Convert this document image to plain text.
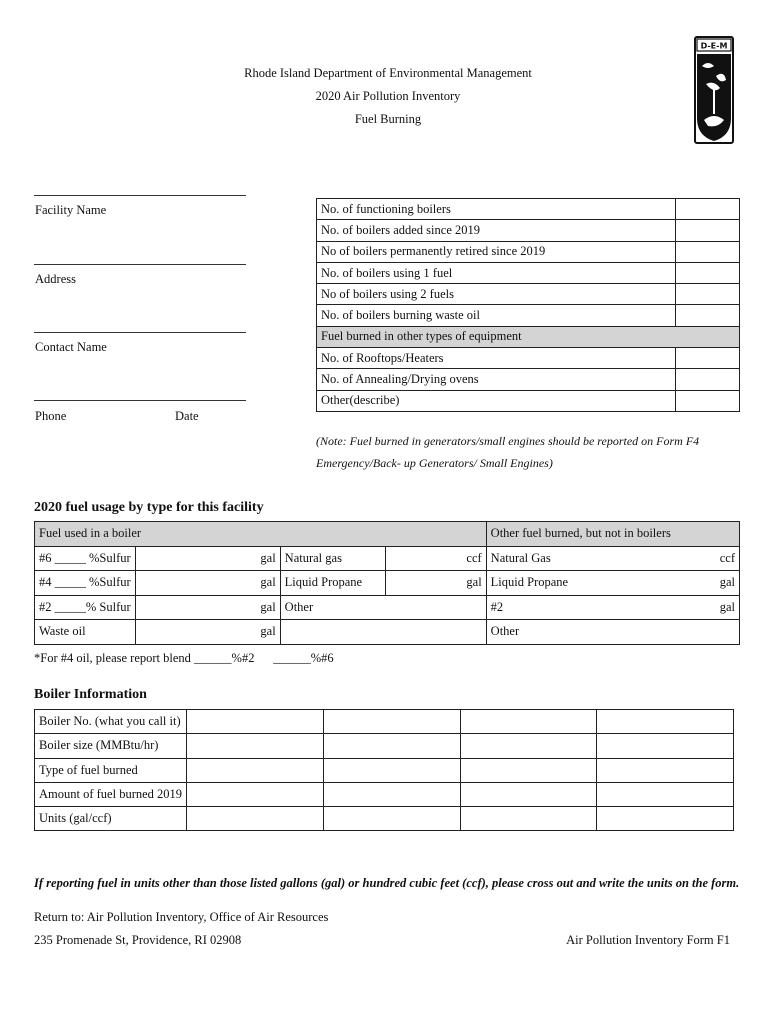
Rhode Island Department of Environmental Management
2020 Air Pollution Inventory
Fuel Burning
D-E-M
Facility Name
Address
Contact Name
Phone	Date
No. of functioning boilers	
No. of boilers added since 2019	
No of boilers permanently retired since 2019	
No. of boilers using 1 fuel	
No of boilers using 2 fuels	
No. of boilers burning waste oil	
Fuel burned in other types of equipment	
No. of Rooftops/Heaters	
No. of Annealing/Drying ovens	
Other(describe)	
(Note: Fuel burned in generators/small engines should be reported on Form F4
Emergency/Back- up Generators/ Small Engines)
2020 fuel usage by type for this facility
Fuel used in a boiler				Other fuel burned, but not in boilers
#6 _____ %Sulfur	gal	Natural gas	ccf	Natural Gas ccf

#4 _____ %Sulfur	gal	Liquid Propane	gal	Liquid Propane gal

#2 _____% Sulfur	gal	Other		#2 gal

Waste oil	gal			Other
*For #4 oil, please report blend ______%#2      ______%#6
Boiler Information
Boiler No. (what you call it)				
Boiler size (MMBtu/hr)				
Type of fuel burned				
Amount of fuel burned 2019				
Units (gal/ccf)				
If reporting fuel in units other than those listed gallons (gal) or hundred cubic feet (ccf), please cross out and write the units on the form.
Return to: Air Pollution Inventory, Office of Air Resources
235 Promenade St, Providence, RI 02908	Air Pollution Inventory Form F1
